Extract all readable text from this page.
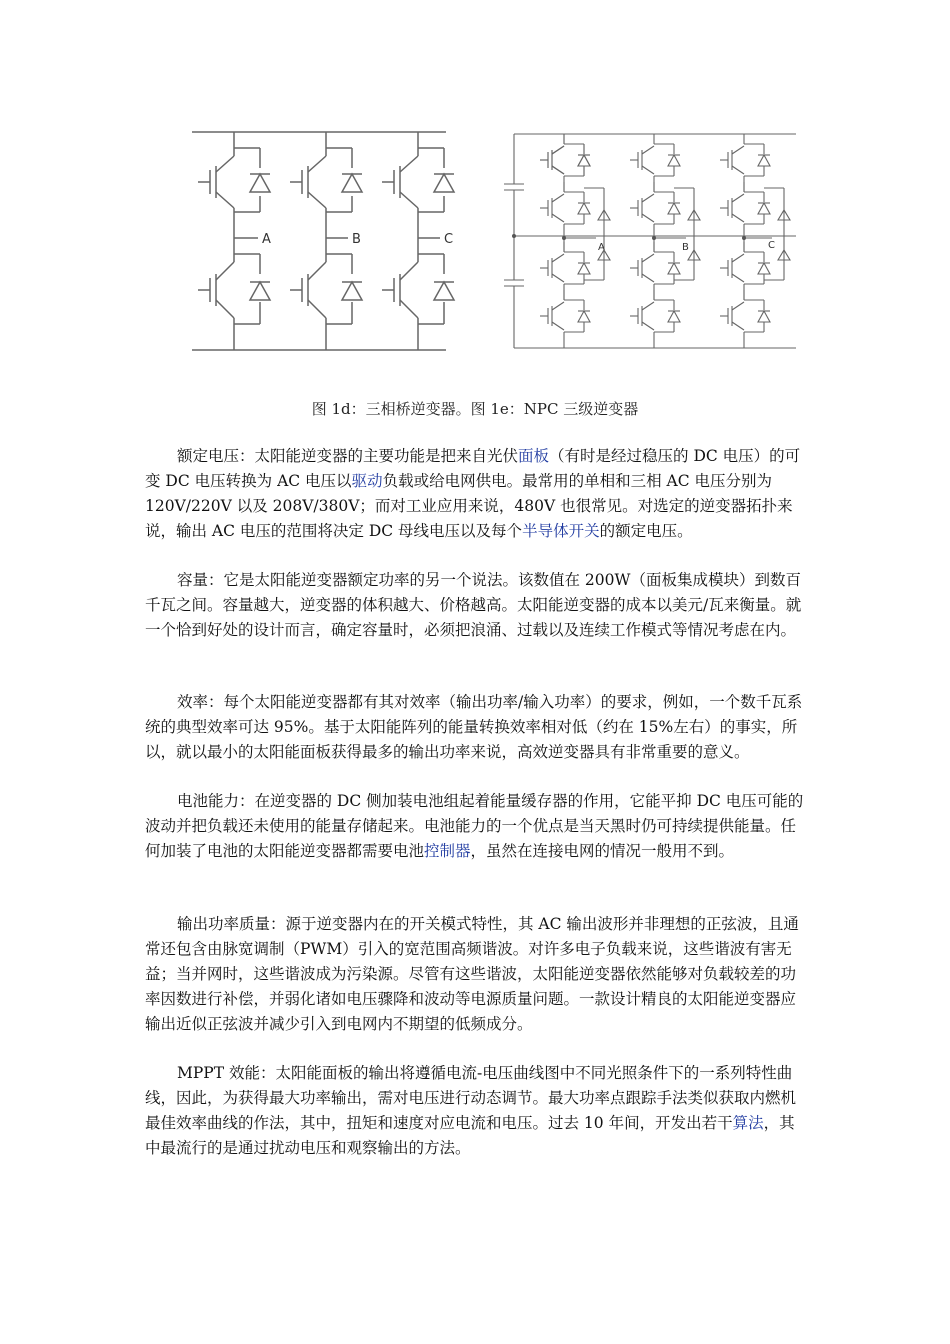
A	B	C
A	B	C
图 1d：三相桥逆变器。图 1e：NPC 三级逆变器

额定电压：太阳能逆变器的主要功能是把来自光伏面板（有时是经过稳压的 DC 电压）的可变 DC 电压转换为 AC 电压以驱动负载或给电网供电。最常用的单相和三相 AC 电压分别为 120V/220V 以及 208V/380V；而对工业应用来说，480V 也很常见。对选定的逆变器拓扑来说，输出 AC 电压的范围将决定 DC 母线电压以及每个半导体开关的额定电压。

容量：它是太阳能逆变器额定功率的另一个说法。该数值在 200W（面板集成模块）到数百千瓦之间。容量越大，逆变器的体积越大、价格越高。太阳能逆变器的成本以美元/瓦来衡量。就一个恰到好处的设计而言，确定容量时，必须把浪涌、过载以及连续工作模式等情况考虑在内。

效率：每个太阳能逆变器都有其对效率（输出功率/输入功率）的要求，例如，一个数千瓦系统的典型效率可达 95%。基于太阳能阵列的能量转换效率相对低（约在 15%左右）的事实，所以，就以最小的太阳能面板获得最多的输出功率来说，高效逆变器具有非常重要的意义。

电池能力：在逆变器的 DC 侧加装电池组起着能量缓存器的作用，它能平抑 DC 电压可能的波动并把负载还未使用的能量存储起来。电池能力的一个优点是当天黑时仍可持续提供能量。任何加装了电池的太阳能逆变器都需要电池控制器，虽然在连接电网的情况一般用不到。

输出功率质量：源于逆变器内在的开关模式特性，其 AC 输出波形并非理想的正弦波，且通常还包含由脉宽调制（PWM）引入的宽范围高频谐波。对许多电子负载来说，这些谐波有害无益；当并网时，这些谐波成为污染源。尽管有这些谐波，太阳能逆变器依然能够对负载较差的功率因数进行补偿，并弱化诸如电压骤降和波动等电源质量问题。一款设计精良的太阳能逆变器应输出近似正弦波并减少引入到电网内不期望的低频成分。

MPPT 效能：太阳能面板的输出将遵循电流-电压曲线图中不同光照条件下的一系列特性曲线，因此，为获得最大功率输出，需对电压进行动态调节。最大功率点跟踪手法类似获取内燃机最佳效率曲线的作法，其中，扭矩和速度对应电流和电压。过去 10 年间，开发出若干算法，其中最流行的是通过扰动电压和观察输出的方法。
